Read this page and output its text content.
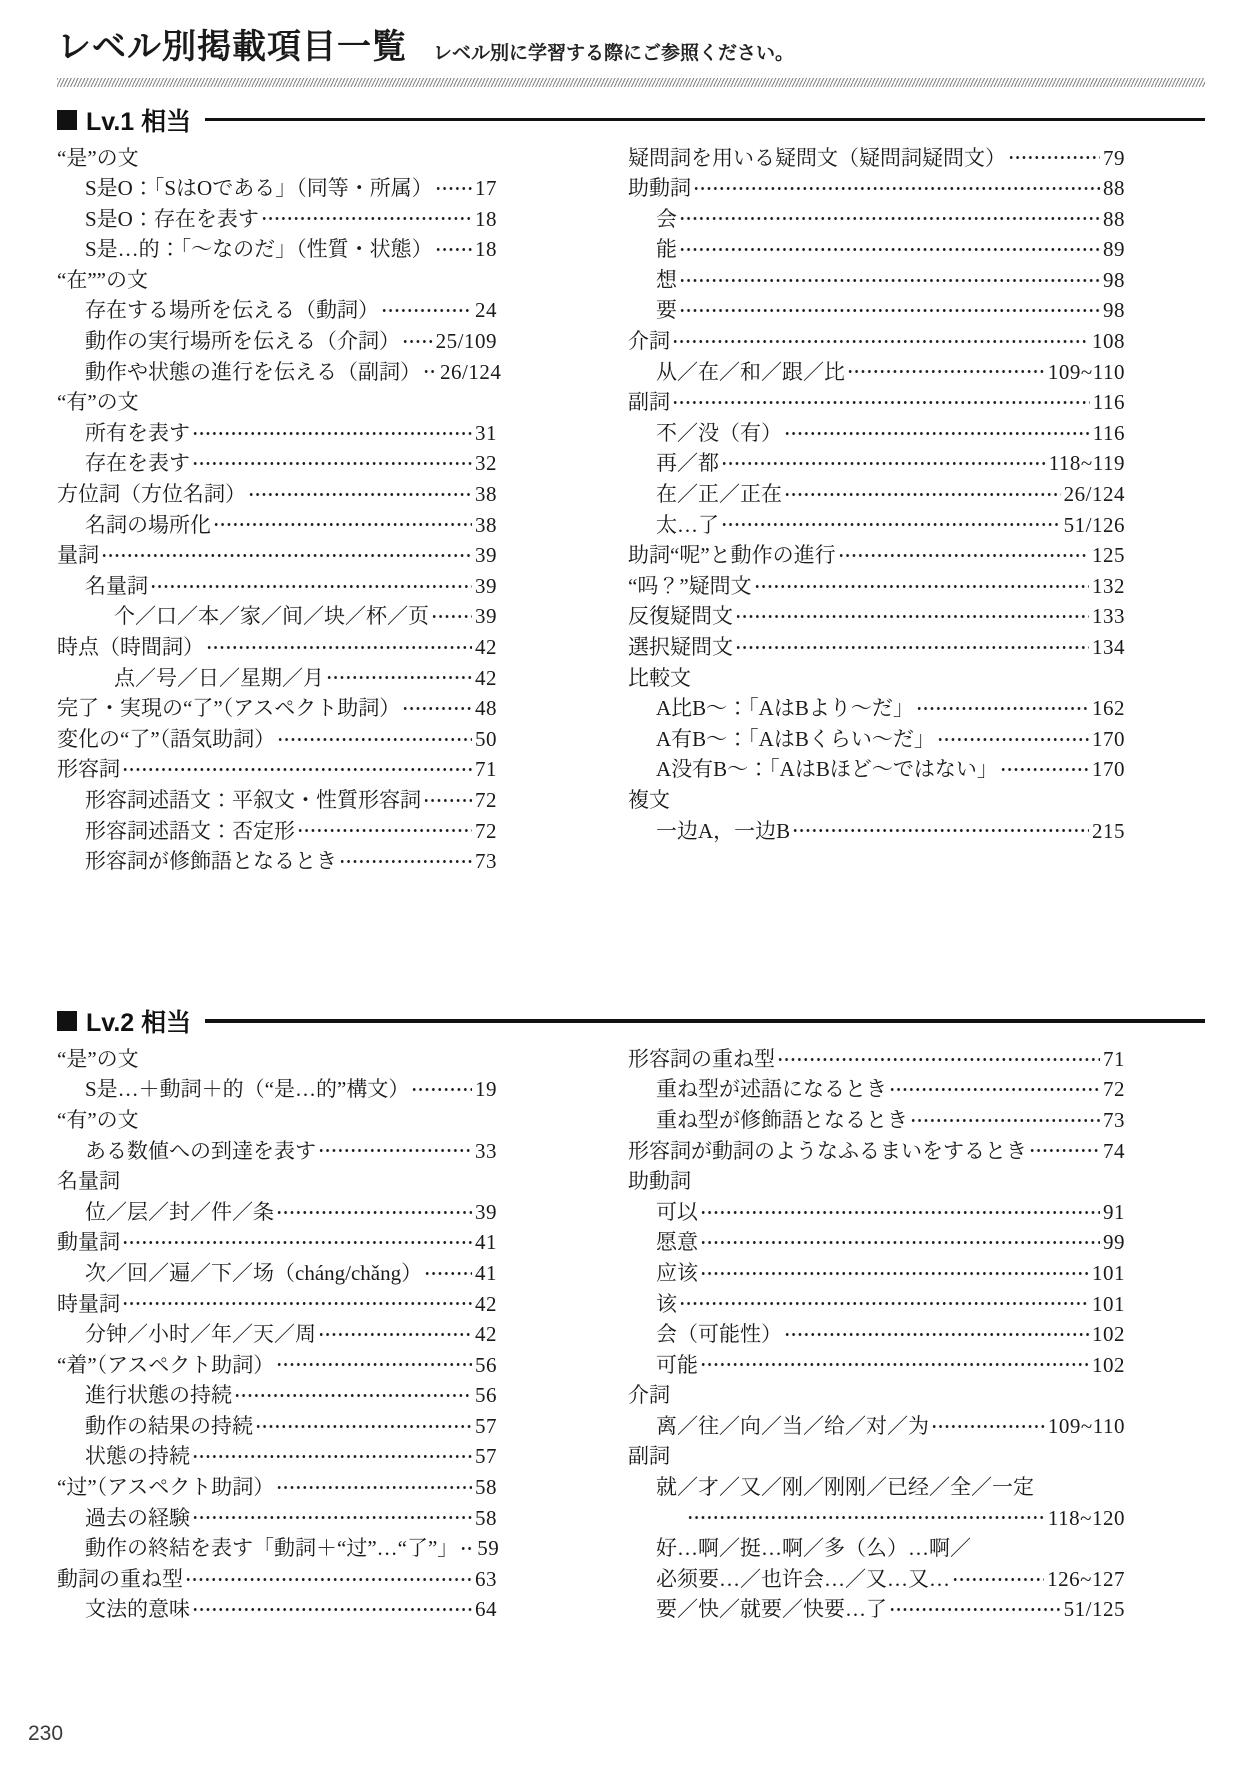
レベル別掲載項目一覧 レベル別に学習する際にご参照ください。

Lv.1 相当
“是”の文
S是O：「SはOである」（同等・所属） 17
S是O：存在を表す	18
S是…的：「～なのだ」（性質・状態） 18
“在””の文
存在する場所を伝える（動詞）	24
動作の実行場所を伝える（介詞） 25/109
動作や状態の進行を伝える（副詞） 26/124
“有”の文
所有を表す	31
存在を表す	32
方位詞（方位名詞）	38
名詞の場所化	38
量詞	39
名量詞	39
个／口／本／家／间／块／杯／页 39
時点（時間詞）	42
点／号／日／星期／月	42
完了・実現の“了”（アスペクト助詞）	48
変化の“了”（語気助詞）	50
形容詞	71
形容詞述語文：平叙文・性質形容詞	72
形容詞述語文：否定形	72
形容詞が修飾語となるとき	73
疑問詞を用いる疑問文（疑問詞疑問文）	79
助動詞	88
会	88
能	89
想	98
要	98
介詞	108
从／在／和／跟／比	109~110
副詞	116
不／没（有）	116
再／都	118~119
在／正／正在	26/124
太…了	51/126
助詞“呢”と動作の進行	125
“吗？”疑問文	132
反復疑問文	133
選択疑問文	134
比較文
A比B～：「AはBより～だ」	162
A有B～：「AはBくらい～だ」	170
A没有B～：「AはBほど～ではない」	170
複文
一边A，一边B	215
Lv.2 相当
“是”の文
S是…＋動詞＋的（“是…的”構文）	19
“有”の文
ある数値への到達を表す	33
名量詞
位／层／封／件／条	39
動量詞	41
次／回／遍／下／场（cháng/chǎng）	41
時量詞	42
分钟／小时／年／天／周	42
“着”（アスペクト助詞）	56
進行状態の持続	56
動作の結果の持続	57
状態の持続	57
“过”（アスペクト助詞）	58
過去の経験	58
動作の終結を表す「動詞＋“过”…“了”」 59
動詞の重ね型	63
文法的意味	64
形容詞の重ね型	71
重ね型が述語になるとき	72
重ね型が修飾語となるとき	73
形容詞が動詞のようなふるまいをするとき	74
助動詞
可以	91
愿意	99
应该	101
该	101
会（可能性）	102
可能	102
介詞
离／往／向／当／给／对／为	109~110
副詞
就／才／又／刚／刚刚／已经／全／一定
118~120
好…啊／挺…啊／多（么）…啊／
必须要…／也许会…／又…又…	126~127
要／快／就要／快要…了	51/125
230
